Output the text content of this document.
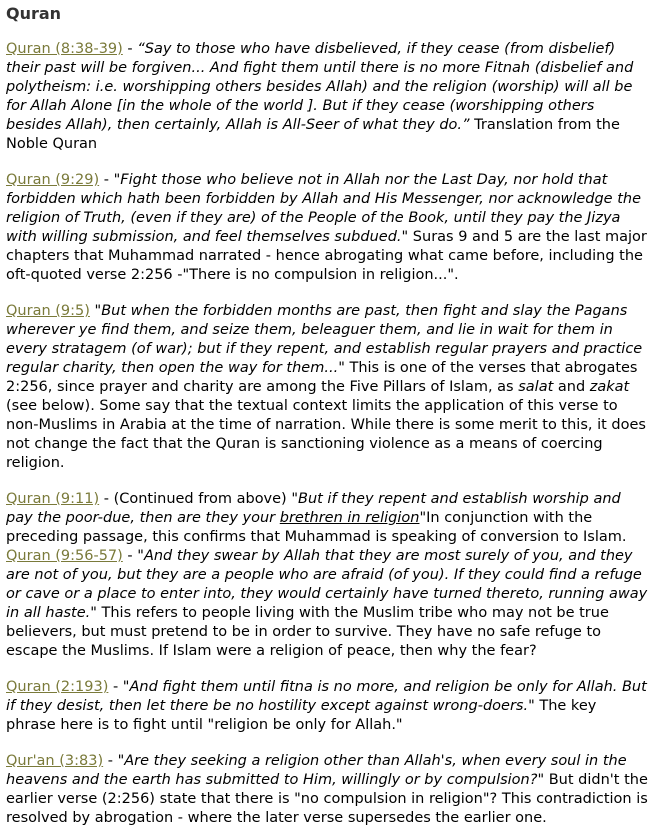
Quran

Quran (8:38-39) - “Say to those who have disbelieved, if they cease (from disbelief) their past will be forgiven... And fight them until there is no more Fitnah (disbelief and polytheism: i.e. worshipping others besides Allah) and the religion (worship) will all be for Allah Alone [in the whole of the world ]. But if they cease (worshipping others besides Allah), then certainly, Allah is All-Seer of what they do.” Translation from the Noble Quran

Quran (9:29) - "Fight those who believe not in Allah nor the Last Day, nor hold that forbidden which hath been forbidden by Allah and His Messenger, nor acknowledge the religion of Truth, (even if they are) of the People of the Book, until they pay the Jizya with willing submission, and feel themselves subdued." Suras 9 and 5 are the last major chapters that Muhammad narrated - hence abrogating what came before, including the oft-quoted verse 2:256 -"There is no compulsion in religion...".

Quran (9:5) "But when the forbidden months are past, then fight and slay the Pagans wherever ye find them, and seize them, beleaguer them, and lie in wait for them in every stratagem (of war); but if they repent, and establish regular prayers and practice regular charity, then open the way for them..." This is one of the verses that abrogates 2:256, since prayer and charity are among the Five Pillars of Islam, as salat and zakat (see below). Some say that the textual context limits the application of this verse to non-Muslims in Arabia at the time of narration. While there is some merit to this, it does not change the fact that the Quran is sanctioning violence as a means of coercing religion.

Quran (9:11) - (Continued from above) "But if they repent and establish worship and pay the poor-due, then are they your brethren in religion"In conjunction with the preceding passage, this confirms that Muhammad is speaking of conversion to Islam. Quran (9:56-57) - "And they swear by Allah that they are most surely of you, and they are not of you, but they are a people who are afraid (of you). If they could find a refuge or cave or a place to enter into, they would certainly have turned thereto, running away in all haste." This refers to people living with the Muslim tribe who may not be true believers, but must pretend to be in order to survive. They have no safe refuge to escape the Muslims. If Islam were a religion of peace, then why the fear?

Quran (2:193) - "And fight them until fitna is no more, and religion be only for Allah. But if they desist, then let there be no hostility except against wrong-doers." The key phrase here is to fight until "religion be only for Allah."

Qur'an (3:83) - "Are they seeking a religion other than Allah's, when every soul in the heavens and the earth has submitted to Him, willingly or by compulsion?" But didn't the earlier verse (2:256) state that there is "no compulsion in religion"? This contradiction is resolved by abrogation - where the later verse supersedes the earlier one.
